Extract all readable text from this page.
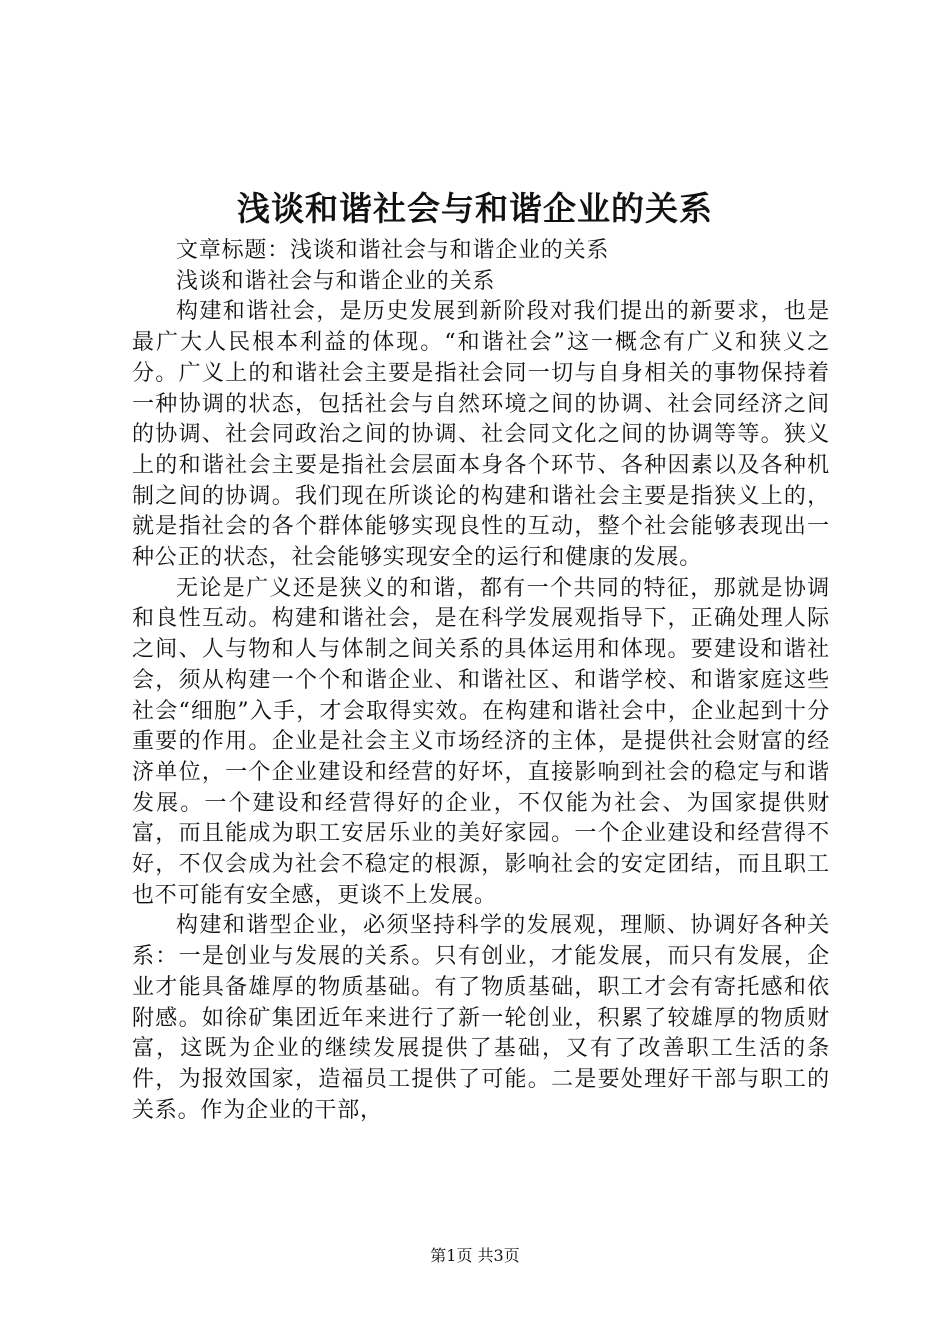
浅谈和谐社会与和谐企业的关系

文章标题：浅谈和谐社会与和谐企业的关系

浅谈和谐社会与和谐企业的关系

构建和谐社会，是历史发展到新阶段对我们提出的新要求，也是最广大人民根本利益的体现。“和谐社会”这一概念有广义和狭义之分。广义上的和谐社会主要是指社会同一切与自身相关的事物保持着一种协调的状态，包括社会与自然环境之间的协调、社会同经济之间的协调、社会同政治之间的协调、社会同文化之间的协调等等。狭义上的和谐社会主要是指社会层面本身各个环节、各种因素以及各种机制之间的协调。我们现在所谈论的构建和谐社会主要是指狭义上的，就是指社会的各个群体能够实现良性的互动，整个社会能够表现出一种公正的状态，社会能够实现安全的运行和健康的发展。

无论是广义还是狭义的和谐，都有一个共同的特征，那就是协调和良性互动。构建和谐社会，是在科学发展观指导下，正确处理人际之间、人与物和人与体制之间关系的具体运用和体现。要建设和谐社会，须从构建一个个和谐企业、和谐社区、和谐学校、和谐家庭这些社会“细胞”入手，才会取得实效。在构建和谐社会中，企业起到十分重要的作用。企业是社会主义市场经济的主体，是提供社会财富的经济单位，一个企业建设和经营的好坏，直接影响到社会的稳定与和谐发展。一个建设和经营得好的企业，不仅能为社会、为国家提供财富，而且能成为职工安居乐业的美好家园。一个企业建设和经营得不好，不仅会成为社会不稳定的根源，影响社会的安定团结，而且职工也不可能有安全感，更谈不上发展。

构建和谐型企业，必须坚持科学的发展观，理顺、协调好各种关系：一是创业与发展的关系。只有创业，才能发展，而只有发展，企业才能具备雄厚的物质基础。有了物质基础，职工才会有寄托感和依附感。如徐矿集团近年来进行了新一轮创业，积累了较雄厚的物质财富，这既为企业的继续发展提供了基础，又有了改善职工生活的条件，为报效国家，造福员工提供了可能。二是要处理好干部与职工的关系。作为企业的干部，

第1页 共3页
